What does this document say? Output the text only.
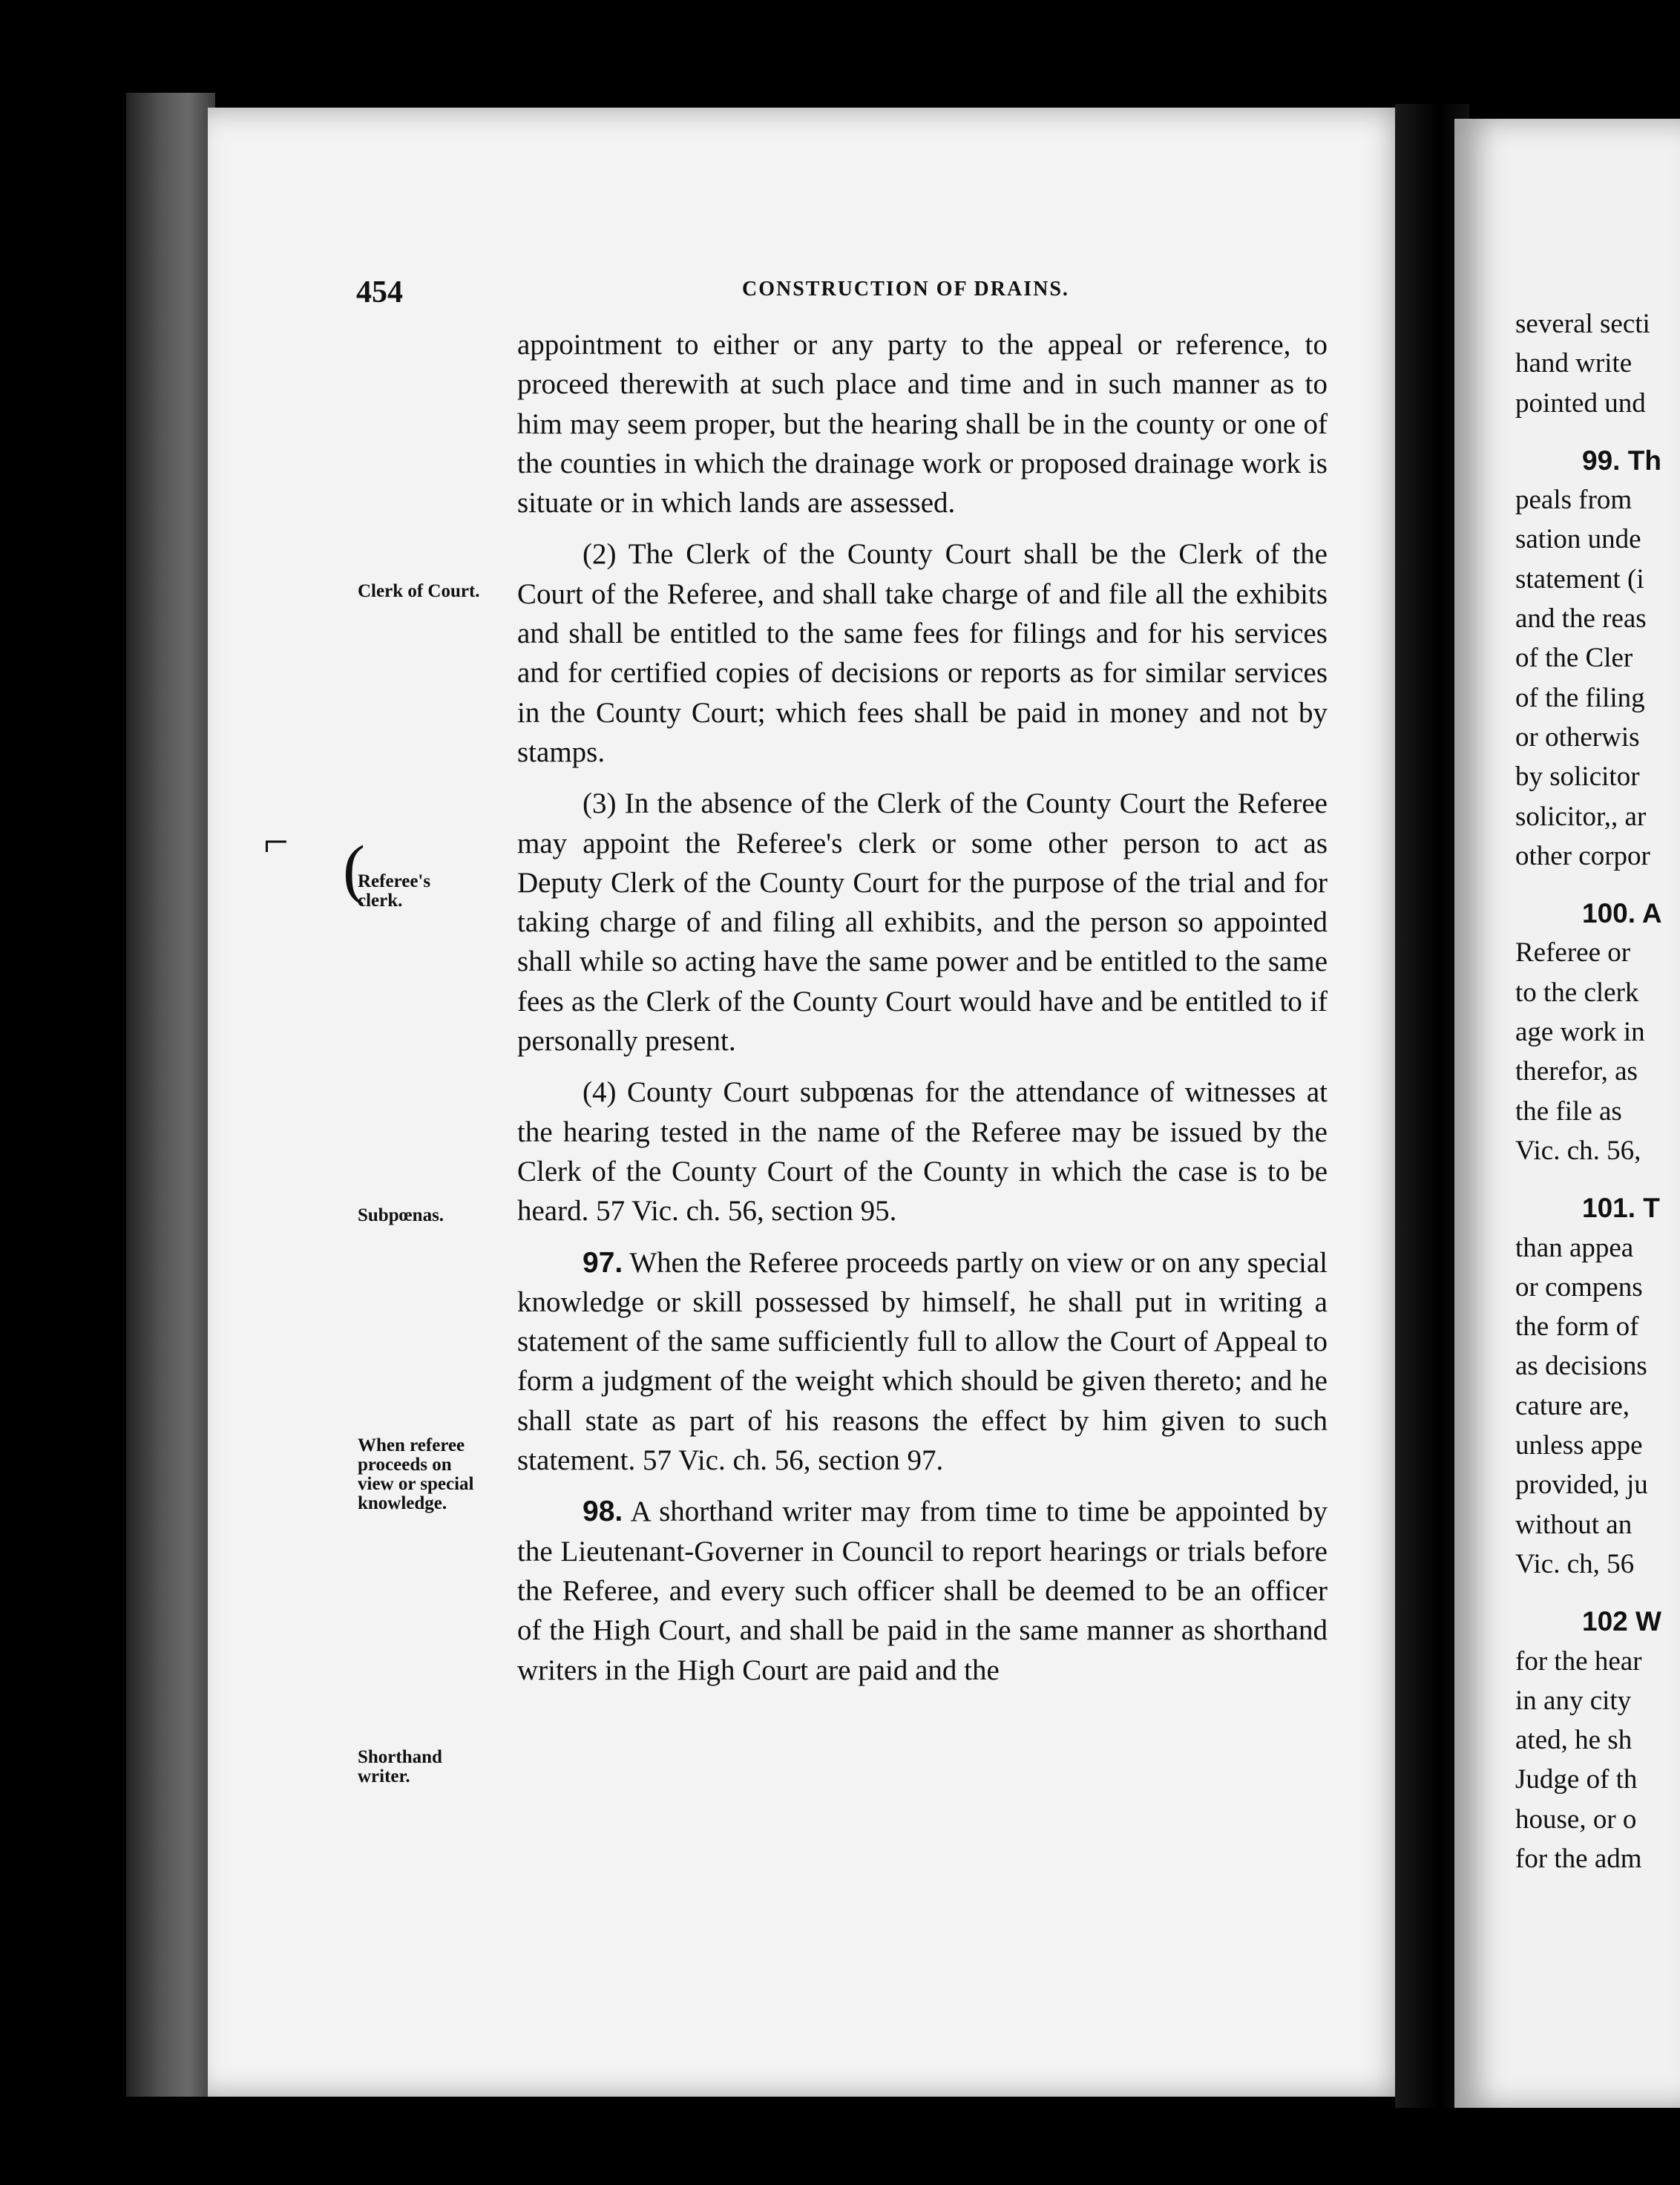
454	CONSTRUCTION OF DRAINS.
Clerk of Court.
Referee's
clerk.
Subpœnas.
When referee
proceeds on
view or special
knowledge.
Shorthand
writer.
⌐ (

appointment to either or any party to the appeal or reference, to proceed therewith at such place and time and in such manner as to him may seem proper, but the hearing shall be in the county or one of the counties in which the drainage work or proposed drainage work is situate or in which lands are assessed.

(2) The Clerk of the County Court shall be the Clerk of the Court of the Referee, and shall take charge of and file all the exhibits and shall be entitled to the same fees for filings and for his services and for certified copies of decisions or reports as for similar services in the County Court; which fees shall be paid in money and not by stamps.

(3) In the absence of the Clerk of the County Court the Referee may appoint the Referee's clerk or some other person to act as Deputy Clerk of the County Court for the purpose of the trial and for taking charge of and filing all exhibits, and the person so appointed shall while so acting have the same power and be entitled to the same fees as the Clerk of the County Court would have and be entitled to if personally present.

(4) County Court subpœnas for the attendance of witnesses at the hearing tested in the name of the Referee may be issued by the Clerk of the County Court of the County in which the case is to be heard. 57 Vic. ch. 56, section 95.

97. When the Referee proceeds partly on view or on any special knowledge or skill possessed by himself, he shall put in writing a statement of the same sufficiently full to allow the Court of Appeal to form a judgment of the weight which should be given thereto; and he shall state as part of his reasons the effect by him given to such statement. 57 Vic. ch. 56, section 97.

98. A shorthand writer may from time to time be appointed by the Lieutenant-Governer in Council to report hearings or trials before the Referee, and every such officer shall be deemed to be an officer of the High Court, and shall be paid in the same manner as shorthand writers in the High Court are paid and the

several secti
hand write
pointed und
99. Th
peals from
sation unde
statement (i
and the reas
of the Cler
of the filing
or otherwis
by solicitor
solicitor,, ar
other corpor
100. A
Referee or
to the clerk
age work in
therefor, as
the file as
Vic. ch. 56,
101. T
than appea
or compens
the form of
as decisions
cature are,
unless appe
provided, ju
without an
Vic. ch, 56
102 W
for the hear
in any city
ated, he sh
Judge of th
house, or o
for the adm
